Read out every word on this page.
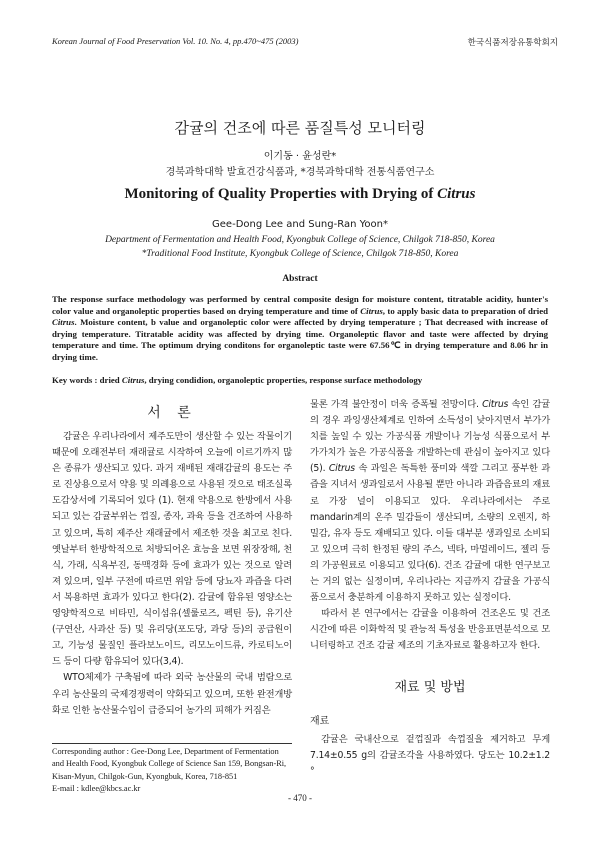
Korean Journal of Food Preservation Vol. 10. No. 4, pp.470~475 (2003)	한국식품저장유통학회지
감귤의 건조에 따른 품질특성 모니터링
이기동 · 윤성란*
경북과학대학 발효건강식품과, *경북과학대학 전통식품연구소
Monitoring of Quality Properties with Drying of Citrus
Gee-Dong Lee and Sung-Ran Yoon*
Department of Fermentation and Health Food, Kyongbuk College of Science, Chilgok 718-850, Korea
*Traditional Food Institute, Kyongbuk College of Science, Chilgok 718-850, Korea
Abstract
The response surface methodology was performed by central composite design for moisture content, titratable acidity, hunter's color value and organoleptic properties based on drying temperature and time of Citrus, to apply basic data to preparation of dried Citrus. Moisture content, b value and organoleptic color were affected by drying temperature ; That decreased with increase of drying temperature. Titratable acidity was affected by drying time. Organoleptic flavor and taste were affected by drying temperature and time. The optimum drying conditons for organoleptic taste were 67.56℃ in drying temperature and 8.06 hr in drying time.
Key words : dried Citrus, drying condidion, organoleptic properties, response surface methodology
서 론

감귤은 우리나라에서 제주도만이 생산할 수 있는 작물이기 때문에 오래전부터 재래귤로 시작하여 오늘에 이르기까지 많은 종류가 생산되고 있다. 과거 재배된 재래감귤의 용도는 주로 진상용으로서 약용 및 의례용으로 사용된 것으로 태조실록 도감상서에 기록되어 있다 (1). 현재 약용으로 한방에서 사용되고 있는 감귤부위는 껍질, 종자, 과육 등을 건조하여 사용하고 있으며, 특히 제주산 재래귤에서 제조한 것을 최고로 친다. 옛날부터 한방학적으로 처방되어온 효능을 보면 위장장해, 천식, 가래, 식욕부진, 동맥경화 등에 효과가 있는 것으로 알려져 있으며, 일부 구전에 따르면 위암 등에 당뇨자 과즙을 다려서 복용하면 효과가 있다고 한다(2). 감귤에 함유된 영양소는 영양학적으로 비타민, 식이섬유(셀룰로즈, 펙틴 등), 유기산(구연산, 사과산 등) 및 유리당(포도당, 과당 등)의 공급원이고, 기능성 물질인 플라보노이드, 리모노이드류, 카로티노이드 등이 다량 함유되어 있다(3,4).

WTO체제가 구축됨에 따라 외국 농산물의 국내 범람으로 우리 농산물의 국제경쟁력이 약화되고 있으며, 또한 완전개방화로 인한 농산물수입이 급증되어 농가의 피해가 커짐은

Corresponding author : Gee-Dong Lee, Department of Fermentation and Health Food, Kyongbuk College of Science San 159, Bongsan-Ri, Kisan-Myun, Chilgok-Gun, Kyongbuk, Korea, 718-851
E-mail : kdlee@kbcs.ac.kr

물론 가격 불안정이 더욱 증폭될 전망이다. Citrus 속인 감귤의 경우 과잉생산체계로 인하여 소득성이 낮아지면서 부가가치를 높일 수 있는 가공식품 개발이나 기능성 식품으로서 부가가치가 높은 가공식품을 개발하는데 관심이 높아지고 있다(5). Citrus 속 과일은 독특한 풍미와 색깔 그리고 풍부한 과즙을 지녀서 생과일로서 사용될 뿐만 아니라 과즙음료의 재료로 가장 널이 이용되고 있다. 우리나라에서는 주로 mandarin계의 온주 밀감들이 생산되며, 소량의 오렌지, 하밀감, 유자 등도 재배되고 있다. 이들 대부분 생과일로 소비되고 있으며 극히 한정된 량의 주스, 넥타, 마멀레이드, 젤리 등의 가공원료로 이용되고 있다(6). 건조 감귤에 대한 연구보고는 거의 없는 실정이며, 우리나라는 지금까지 감귤을 가공식품으로서 충분하게 이용하지 못하고 있는 실정이다.

따라서 본 연구에서는 감귤을 이용하여 건조온도 및 건조시간에 따른 이화학적 및 관능적 특성을 반응표면분석으로 모니터링하고 건조 감귤 제조의 기초자료로 활용하고자 한다.

재료 및 방법
재료

감귤은 국내산으로 겉껍질과 속껍질을 제거하고 무게 7.14±0.55 g의 감귤조각을 사용하였다. 당도는 10.2±1.2 °

- 470 -
